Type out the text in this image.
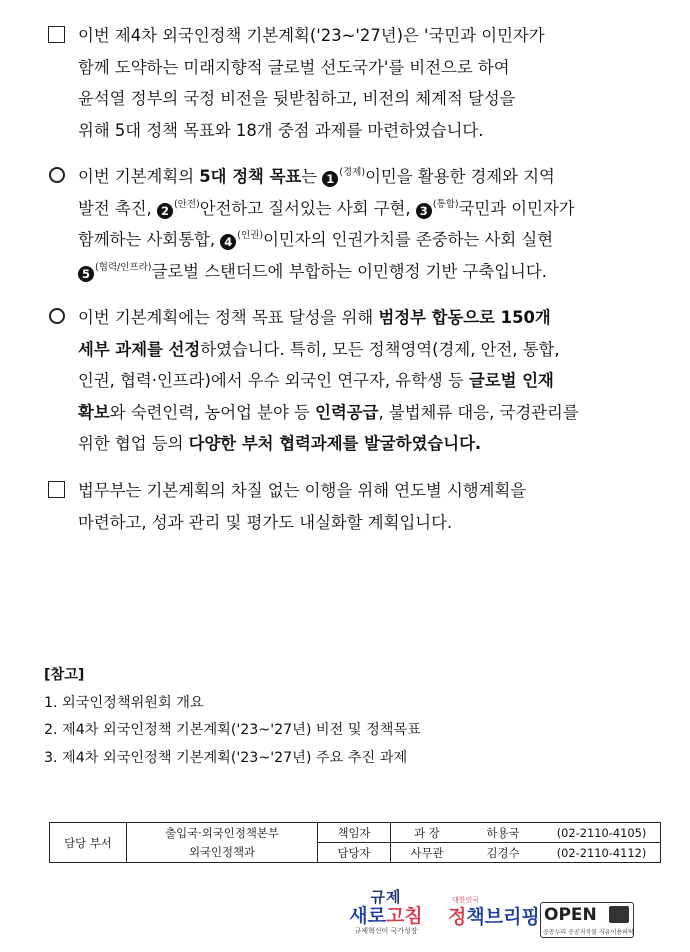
이번 제4차 외국인정책 기본계획('23~'27년)은 '국민과 이민자가
함께 도약하는 미래지향적 글로벌 선도국가'를 비전으로 하여
윤석열 정부의 국정 비전을 뒷받침하고, 비전의 체계적 달성을
위해 5대 정책 목표와 18개 중점 과제를 마련하였습니다.
이번 기본계획의 5대 정책 목표는 1 $^{(경제)}$이민을 활용한 경제와 지역
발전 촉진, 2 $^{(안전)}$안전하고 질서있는 사회 구현, 3 $^{(통합)}$국민과 이민자가
함께하는 사회통합, 4 $^{(인권)}$이민자의 인권가치를 존중하는 사회 실현
5 $^{(협력/인프라)}$글로벌 스탠더드에 부합하는 이민행정 기반 구축입니다.
이번 기본계획에는 정책 목표 달성을 위해 범정부 합동으로 150개
세부 과제를 선정하였습니다. 특히, 모든 정책영역(경제, 안전, 통합,
인권, 협력·인프라)에서 우수 외국인 연구자, 유학생 등 글로벌 인재
확보와 숙련인력, 농어업 분야 등 인력공급, 불법체류 대응, 국경관리를
위한 협업 등의 다양한 부처 협력과제를 발굴하였습니다.
법무부는 기본계획의 차질 없는 이행을 위해 연도별 시행계획을
마련하고, 성과 관리 및 평가도 내실화할 계획입니다.
[참고]
1. 외국인정책위원회 개요
2. 제4차 외국인정책 기본계획('23~'27년) 비전 및 정책목표
3. 제4차 외국인정책 기본계획('23~'27년) 주요 추진 과제
담당 부서	출입국·외국인정책본부	책임자	과 장	하용국	(02-2110-4105)
	외국인정책과	담당자	사무관	김경수	(02-2110-4112)
규제
새로고침
규제혁신이 국가성장
대한민국
정책브리핑 OPEN
공공누리 공공저작물 자유이용허락
